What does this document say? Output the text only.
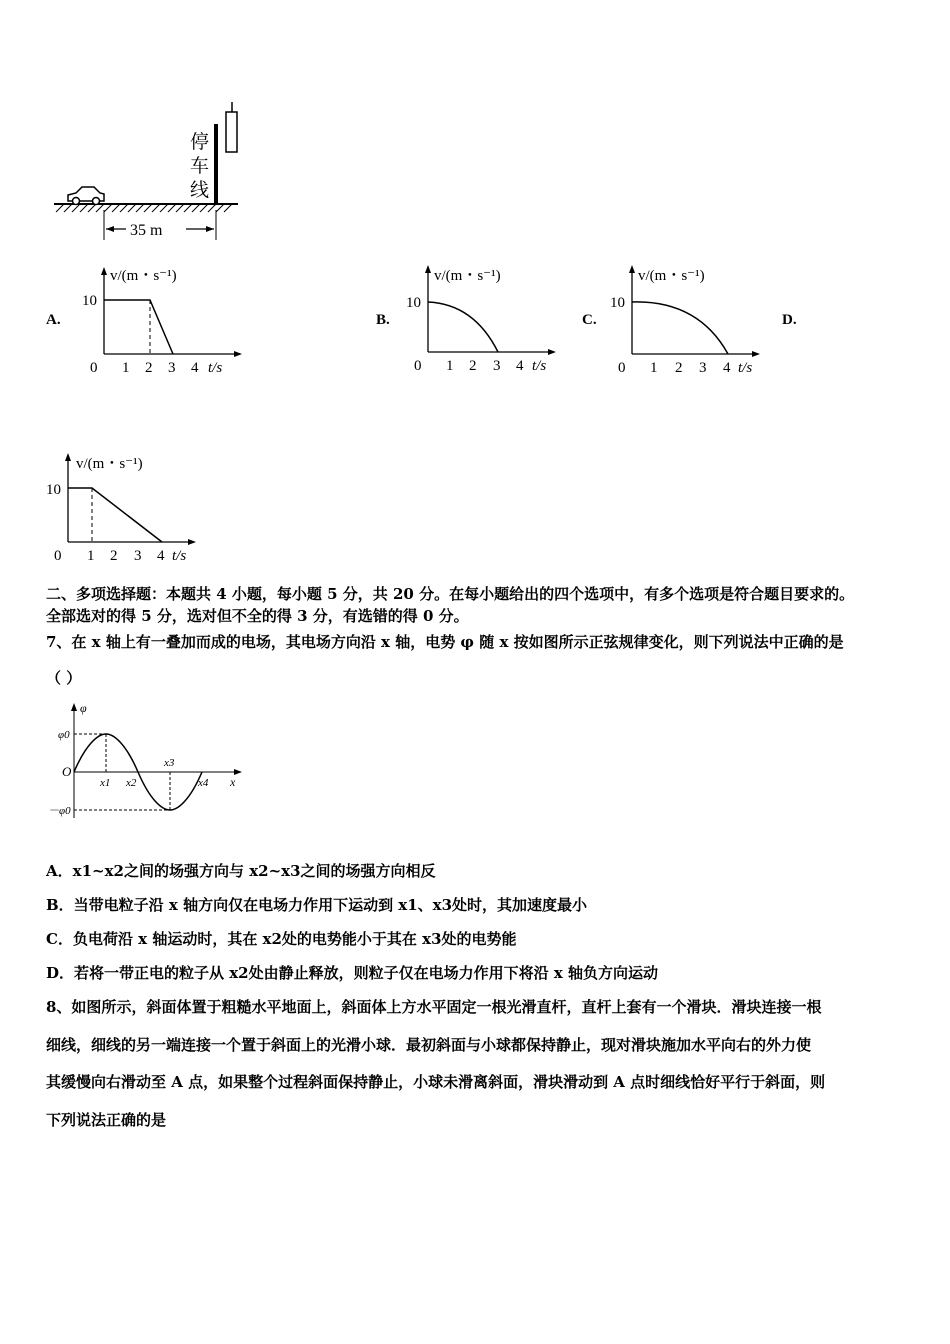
停
车
线
35 m
A.	B.	C.	D.
v/(m・s⁻¹)
10
0 1 2 3 4 t/s
v/(m・s⁻¹)
10
0 1 2 3 4 t/s
v/(m・s⁻¹)
10
0 1 2 3 4 t/s
v/(m・s⁻¹)
10
0 1 2 3 4 t/s
二、多项选择题：本题共 4 小题，每小题 5 分，共 20 分。在每小题给出的四个选项中，有多个选项是符合题目要求的。
全部选对的得 5 分，选对但不全的得 3 分，有选错的得 0 分。
7、在 x 轴上有一叠加而成的电场，其电场方向沿 x 轴，电势 φ 随 x 按如图所示正弦规律变化，则下列说法中正确的是
（ ）
φ
φ0
－φ0
O
x1 x2
x3
x4 x
A．x1~x2之间的场强方向与 x2~x3之间的场强方向相反
B．当带电粒子沿 x 轴方向仅在电场力作用下运动到 x1、x3处时，其加速度最小
C．负电荷沿 x 轴运动时，其在 x2处的电势能小于其在 x3处的电势能
D．若将一带正电的粒子从 x2处由静止释放，则粒子仅在电场力作用下将沿 x 轴负方向运动
8、如图所示，斜面体置于粗糙水平地面上，斜面体上方水平固定一根光滑直杆，直杆上套有一个滑块．滑块连接一根
细线，细线的另一端连接一个置于斜面上的光滑小球．最初斜面与小球都保持静止，现对滑块施加水平向右的外力使
其缓慢向右滑动至 A 点，如果整个过程斜面保持静止，小球未滑离斜面，滑块滑动到 A 点时细线恰好平行于斜面，则
下列说法正确的是
